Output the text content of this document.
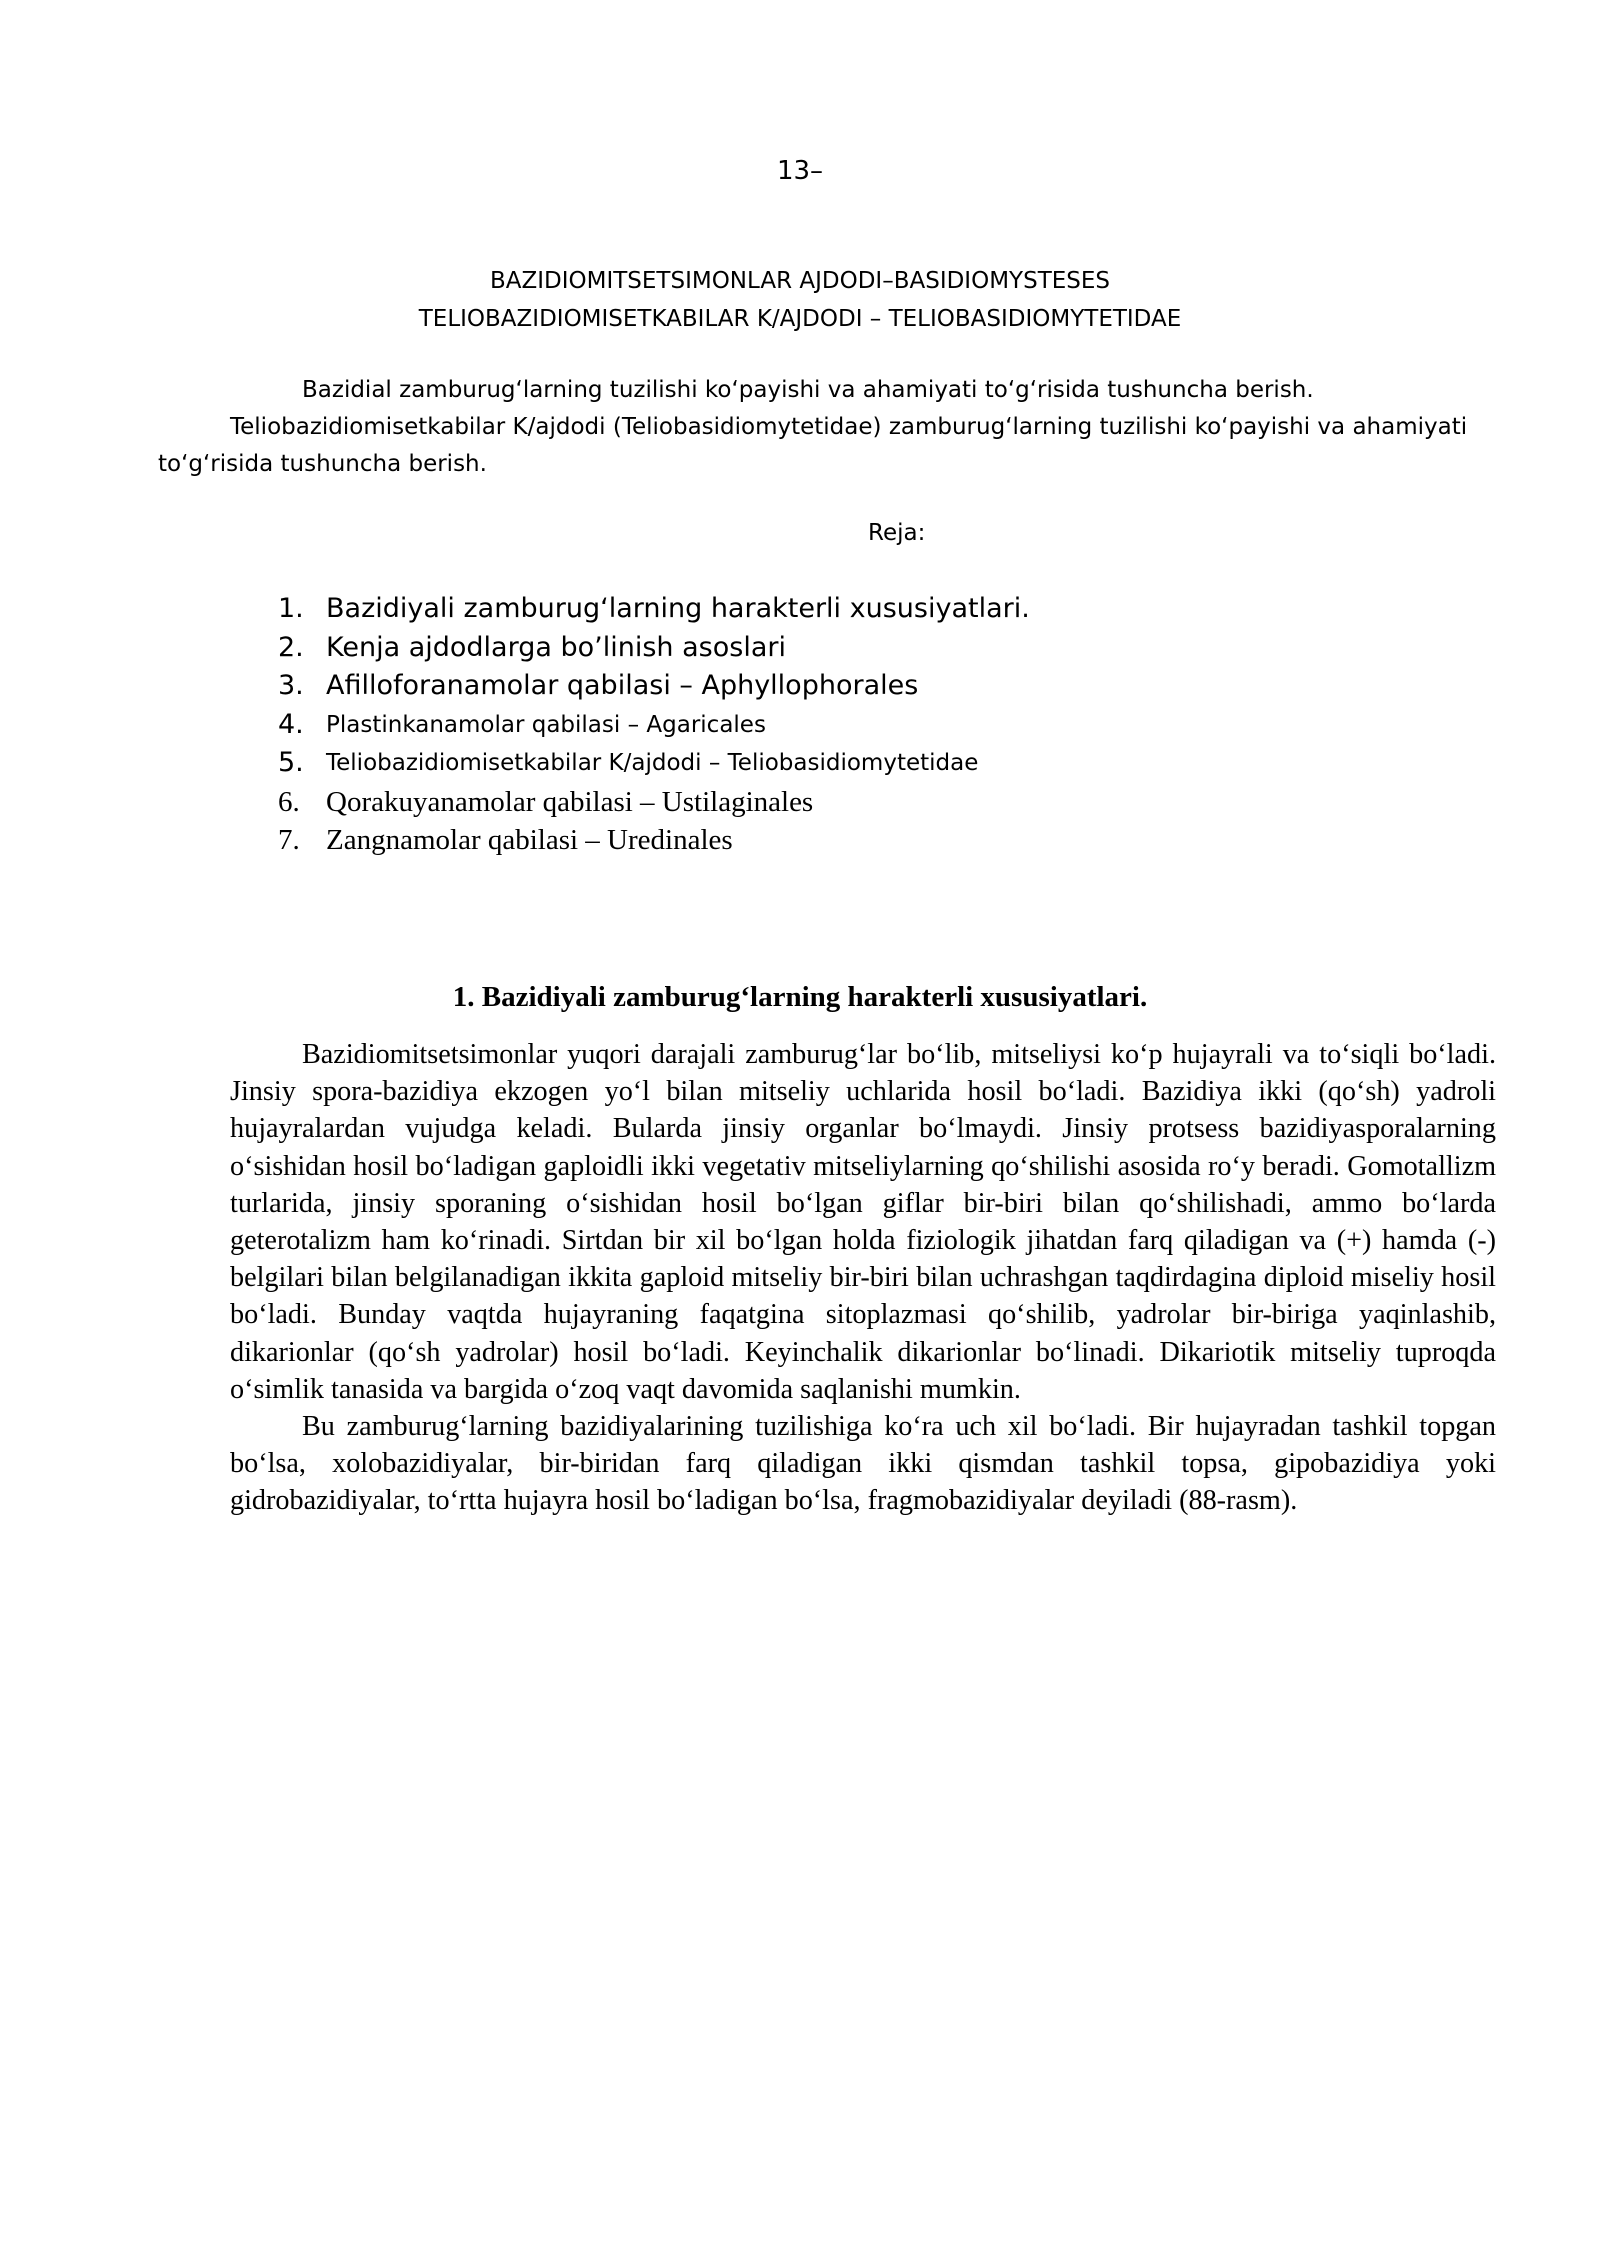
13–
BAZIDIOMITSETSIMONLAR AJDODI–BASIDIOMYSTESES
TELIOBAZIDIOMISETKABILAR K/AJDODI – TELIOBASIDIOMYTETIDAE

Bazidial zamburug‘larning tuzilishi ko‘payishi va ahamiyati to‘g‘risida tushuncha berish.

Teliobazidiomisetkabilar K/ajdodi (Teliobasidiomytetidae) zamburug‘larning tuzilishi ko‘payishi va ahamiyati to‘g‘risida tushuncha berish.

Reja:
1. Bazidiyali zamburug‘larning harakterli xususiyatlari.
2. Kenja ajdodlarga bo’linish asoslari
3. Afilloforanamolar qabilasi – Aphyllophorales
4. Plastinkanamolar qabilasi – Agaricales
5. Teliobazidiomisetkabilar K/ajdodi – Teliobasidiomytetidae
6. Qorakuyanamolar qabilasi – Ustilaginales
7. Zangnamolar qabilasi – Uredinales
1. Bazidiyali zamburug‘larning harakterli xususiyatlari.

Bazidiomitsetsimonlar yuqori darajali zamburug‘lar bo‘lib, mitseliysi ko‘p hujayrali va to‘siqli bo‘ladi. Jinsiy spora-bazidiya ekzogen yo‘l bilan mitseliy uchlarida hosil bo‘ladi. Bazidiya ikki (qo‘sh) yadroli hujayralardan vujudga keladi. Bularda jinsiy organlar bo‘lmaydi. Jinsiy protsess bazidiyasporalarning o‘sishidan hosil bo‘ladigan gaploidli ikki vegetativ mitseliylarning qo‘shilishi asosida ro‘y beradi. Gomotallizm turlarida, jinsiy sporaning o‘sishidan hosil bo‘lgan giflar bir-biri bilan qo‘shilishadi, ammo bo‘larda geterotalizm ham ko‘rinadi. Sirtdan bir xil bo‘lgan holda fiziologik jihatdan farq qiladigan va (+) hamda (-) belgilari bilan belgilanadigan ikkita gaploid mitseliy bir-biri bilan uchrashgan taqdirdagina diploid miseliy hosil bo‘ladi. Bunday vaqtda hujayraning faqatgina sitoplazmasi qo‘shilib, yadrolar bir-biriga yaqinlashib, dikarionlar (qo‘sh yadrolar) hosil bo‘ladi. Keyinchalik dikarionlar bo‘linadi. Dikariotik mitseliy tuproqda o‘simlik tanasida va bargida o‘zoq vaqt davomida saqlanishi mumkin.

Bu zamburug‘larning bazidiyalarining tuzilishiga ko‘ra uch xil bo‘ladi. Bir hujayradan tashkil topgan bo‘lsa, xolobazidiyalar, bir-biridan farq qiladigan ikki qismdan tashkil topsa, gipobazidiya yoki gidrobazidiyalar, to‘rtta hujayra hosil bo‘ladigan bo‘lsa, fragmobazidiyalar deyiladi (88-rasm).
